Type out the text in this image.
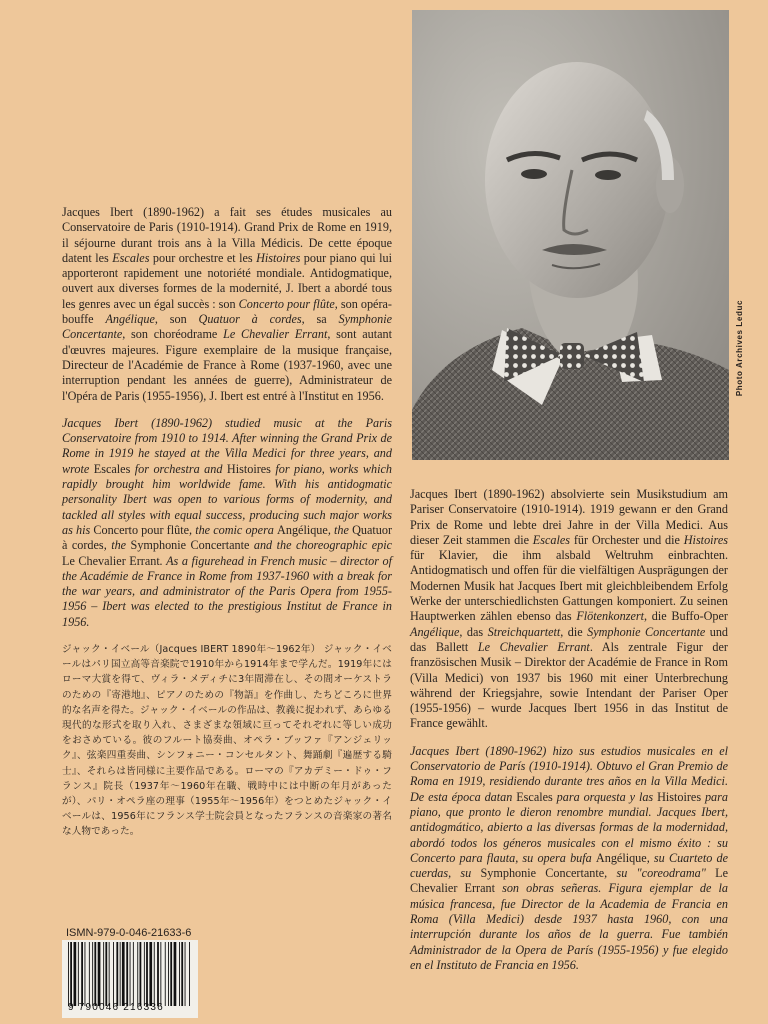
Photo Archives Leduc

Jacques Ibert (1890-1962) a fait ses études musicales au Conservatoire de Paris (1910-1914). Grand Prix de Rome en 1919, il séjourne durant trois ans à la Villa Médicis. De cette époque datent les Escales pour orchestre et les Histoires pour piano qui lui apporteront rapidement une notoriété mondiale. Antidogmatique, ouvert aux diverses formes de la modernité, J. Ibert a abordé tous les genres avec un égal succès : son Concerto pour flûte, son opéra-bouffe Angélique, son Quatuor à cordes, sa Symphonie Concertante, son choréodrame Le Chevalier Errant, sont autant d'œuvres majeures. Figure exemplaire de la musique française, Directeur de l'Académie de France à Rome (1937-1960, avec une interruption pendant les années de guerre), Administrateur de l'Opéra de Paris (1955-1956), J. Ibert est entré à l'Institut en 1956.

Jacques Ibert (1890-1962) studied music at the Paris Conservatoire from 1910 to 1914. After winning the Grand Prix de Rome in 1919 he stayed at the Villa Medici for three years, and wrote Escales for orchestra and Histoires for piano, works which rapidly brought him worldwide fame. With his antidogmatic personality Ibert was open to various forms of modernity, and tackled all styles with equal success, producing such major works as his Concerto pour flûte, the comic opera Angélique, the Quatuor à cordes, the Symphonie Concertante and the choreographic epic Le Chevalier Errant. As a figurehead in French music – director of the Académie de France in Rome from 1937-1960 with a break for the war years, and administrator of the Paris Opera from 1955-1956 – Ibert was elected to the prestigious Institut de France in 1956.

ジャック・イベール（Jacques IBERT 1890年〜1962年） ジャック・イベールはパリ国立高等音楽院で1910年から1914年まで学んだ。1919年にはローマ大賞を得て、ヴィラ・メディチに3年間滞在し、その間オーケストラのための『寄港地』、ピアノのための『物語』を作曲し、たちどころに世界的な名声を得た。ジャック・イベールの作品は、教義に捉われず、あらゆる現代的な形式を取り入れ、さまざまな領域に亘ってそれぞれに等しい成功をおさめている。彼のフルート協奏曲、オペラ・ブッファ『アンジェリック』、弦楽四重奏曲、シンフォニー・コンセルタント、舞踊劇『遍歴する騎士』、それらは皆同様に主要作品である。ローマの『アカデミー・ドゥ・フランス』院長（1937年〜1960年在職、戦時中には中断の年月があったが）、パリ・オペラ座の理事（1955年〜1956年）をつとめたジャック・イベールは、1956年にフランス学士院会員となったフランスの音楽家の著名な人物であった。

Jacques Ibert (1890-1962) absolvierte sein Musikstudium am Pariser Conservatoire (1910-1914). 1919 gewann er den Grand Prix de Rome und lebte drei Jahre in der Villa Medici. Aus dieser Zeit stammen die Escales für Orchester und die Histoires für Klavier, die ihm alsbald Weltruhm einbrachten. Antidogmatisch und offen für die vielfältigen Ausprägungen der Modernen Musik hat Jacques Ibert mit gleichbleibendem Erfolg Werke der unterschiedlichsten Gattungen komponiert. Zu seinen Hauptwerken zählen ebenso das Flötenkonzert, die Buffo-Oper Angélique, das Streichquartett, die Symphonie Concertante und das Ballett Le Chevalier Errant. Als zentrale Figur der französischen Musik – Direktor der Académie de France in Rom (Villa Medici) von 1937 bis 1960 mit einer Unterbrechung während der Kriegsjahre, sowie Intendant der Pariser Oper (1955-1956) – wurde Jacques Ibert 1956 in das Institut de France gewählt.

Jacques Ibert (1890-1962) hizo sus estudios musicales en el Conservatorio de París (1910-1914). Obtuvo el Gran Premio de Roma en 1919, residiendo durante tres años en la Villa Medici. De esta época datan Escales para orquesta y las Histoires para piano, que pronto le dieron renombre mundial. Jacques Ibert, antidogmático, abierto a las diversas formas de la modernidad, abordó todos los géneros musicales con el mismo éxito : su Concerto para flauta, su opera bufa Angélique, su Cuarteto de cuerdas, su Symphonie Concertante, su "coreodrama" Le Chevalier Errant son obras señeras. Figura ejemplar de la música francesa, fue Director de la Academia de Francia en Roma (Villa Medici) desde 1937 hasta 1960, con una interrupción durante los años de la guerra. Fue también Administrador de la Opera de París (1955-1956) y fue elegido en el Instituto de Francia en 1956.

ISMN-979-0-046-21633-6
9 790046 216336
